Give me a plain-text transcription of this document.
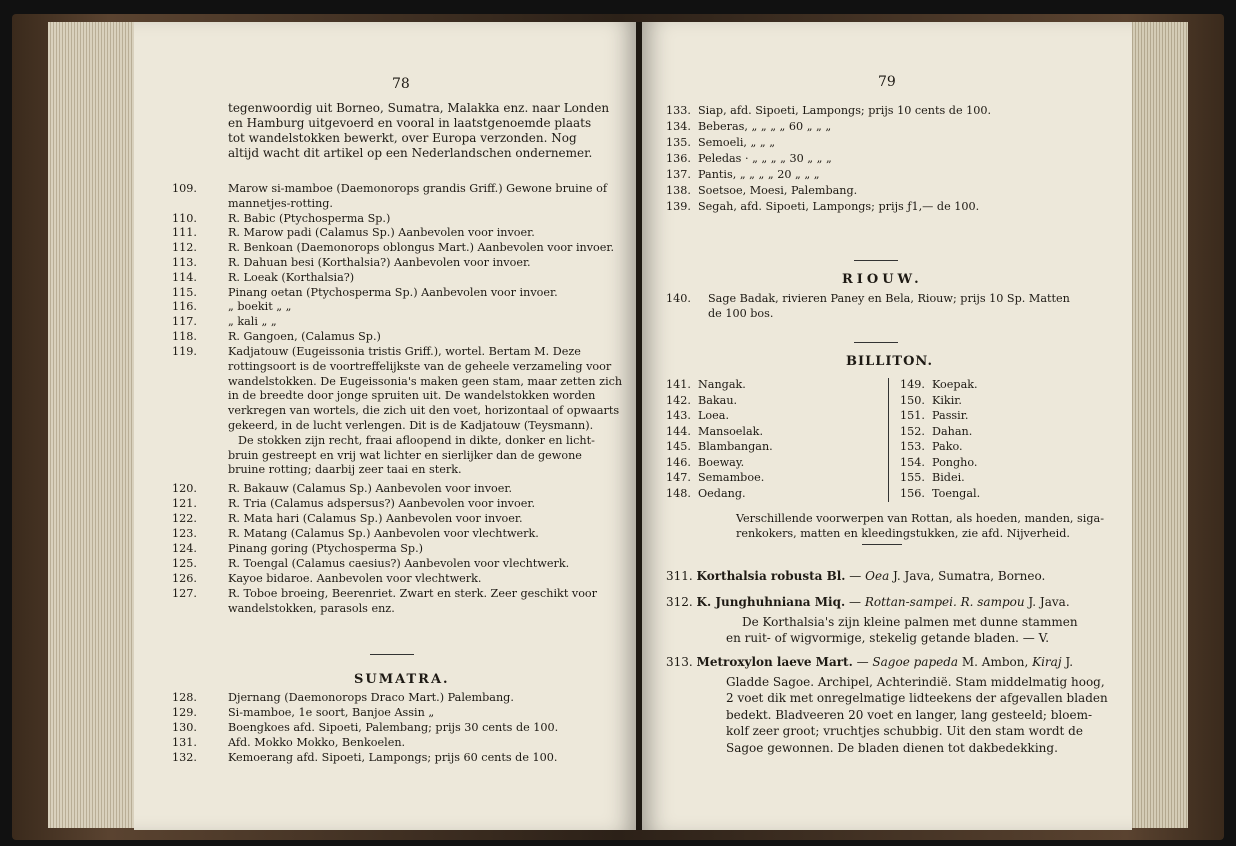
78
tegenwoordig uit Borneo, Sumatra, Malakka enz. naar Londen
en Hamburg uitgevoerd en vooral in laatstgenoemde plaats
tot wandelstokken bewerkt, over Europa verzonden. Nog
altijd wacht dit artikel op een Nederlandschen ondernemer.
109.	Marow si-mamboe (Daemonorops grandis Griff.) Gewone bruine of
mannetjes-rotting.
110.	R. Babic (Ptychosperma Sp.)
111.	R. Marow padi (Calamus Sp.) Aanbevolen voor invoer.
112.	R. Benkoan (Daemonorops oblongus Mart.) Aanbevolen voor invoer.
113.	R. Dahuan besi (Korthalsia?) Aanbevolen voor invoer.
114.	R. Loeak (Korthalsia?)
115.	Pinang oetan (Ptychosperma Sp.) Aanbevolen voor invoer.
116.	„ boekit „ „
117.	„ kali „ „
118.	R. Gangoen, (Calamus Sp.)
119.	Kadjatouw (Eugeissonia tristis Griff.), wortel. Bertam M. Deze
rottingsoort is de voortreffelijkste van de geheele verzameling voor
wandelstokken. De Eugeissonia's maken geen stam, maar zetten zich
in de breedte door jonge spruiten uit. De wandelstokken worden
verkregen van wortels, die zich uit den voet, horizontaal of opwaarts
gekeerd, in de lucht verlengen. Dit is de Kadjatouw (Teysmann).
De stokken zijn recht, fraai afloopend in dikte, donker en licht-
bruin gestreept en vrij wat lichter en sierlijker dan de gewone
bruine rotting; daarbij zeer taai en sterk.
120.	R. Bakauw (Calamus Sp.) Aanbevolen voor invoer.
121.	R. Tria (Calamus adspersus?) Aanbevolen voor invoer.
122.	R. Mata hari (Calamus Sp.) Aanbevolen voor invoer.
123.	R. Matang (Calamus Sp.) Aanbevolen voor vlechtwerk.
124.	Pinang goring (Ptychosperma Sp.)
125.	R. Toengal (Calamus caesius?) Aanbevolen voor vlechtwerk.
126.	Kayoe bidaroe. Aanbevolen voor vlechtwerk.
127.	R. Toboe broeing, Beerenriet. Zwart en sterk. Zeer geschikt voor
wandelstokken, parasols enz.
SUMATRA.
128.	Djernang (Daemonorops Draco Mart.) Palembang.
129.	Si-mamboe, 1e soort, Banjoe Assin „
130.	Boengkoes afd. Sipoeti, Palembang; prijs 30 cents de 100.
131.	Afd. Mokko Mokko, Benkoelen.
132.	Kemoerang afd. Sipoeti, Lampongs; prijs 60 cents de 100.
79
133. Siap, afd. Sipoeti, Lampongs; prijs 10 cents de 100.
134. Beberas, „ „ „ „ 60 „ „ „
135. Semoeli, „ „ „
136. Peledas · „ „ „ „ 30 „ „ „
137. Pantis, „ „ „ „ 20 „ „ „
138. Soetsoe, Moesi, Palembang.
139. Segah, afd. Sipoeti, Lampongs; prijs ƒ1,— de 100.
RIOUW.
140. Sage Badak, rivieren Paney en Bela, Riouw; prijs 10 Sp. Matten
de 100 bos.
BILLITON.
141. Nangak.
142. Bakau.
143. Loea.
144. Mansoelak.
145. Blambangan.
146. Boeway.
147. Semamboe.
148. Oedang.
149. Koepak.
150. Kikir.
151. Passir.
152. Dahan.
153. Pako.
154. Pongho.
155. Bidei.
156. Toengal.
Verschillende voorwerpen van Rottan, als hoeden, manden, siga-
renkokers, matten en kleedingstukken, zie afd. Nijverheid.
311. Korthalsia robusta Bl. — Oea J. Java, Sumatra, Borneo.
312. K. Junghuhniana Miq. — Rottan-sampei. R. sampou J. Java.
De Korthalsia's zijn kleine palmen met dunne stammen
en ruit- of wigvormige, stekelig getande bladen. — V.
313. Metroxylon laeve Mart. — Sagoe papeda M. Ambon, Kiraj J.
Gladde Sagoe. Archipel, Achterindië. Stam middelmatig hoog,
2 voet dik met onregelmatige lidteekens der afgevallen bladen
bedekt. Bladveeren 20 voet en langer, lang gesteeld; bloem-
kolf zeer groot; vruchtjes schubbig. Uit den stam wordt de
Sagoe gewonnen. De bladen dienen tot dakbedekking.
